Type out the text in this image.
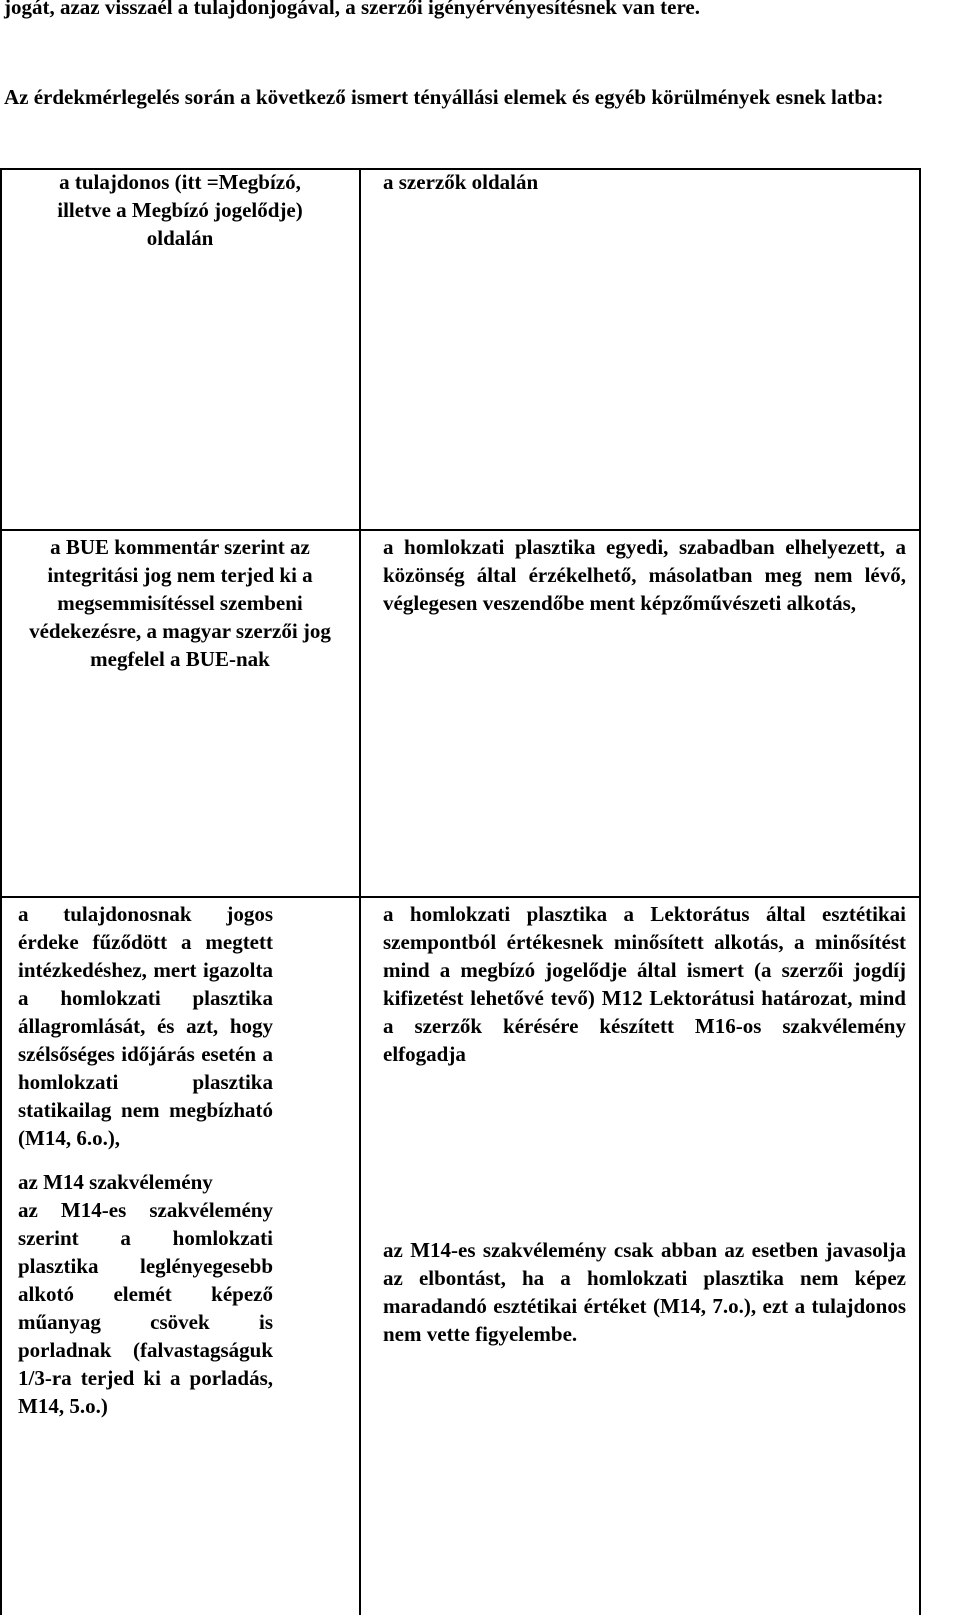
jogát, azaz visszaél a tulajdonjogával, a szerzői igényérvényesítésnek van tere.

Az érdekmérlegelés során a következő ismert tényállási elemek és egyéb körülmények esnek latba:

a tulajdonos (itt =Megbízó, illetve a Megbízó jogelődje) oldalán

a szerzők oldalán

a BUE kommentár szerint az integritási jog nem terjed ki a megsemmisítéssel szembeni védekezésre, a magyar szerzői jog megfelel a BUE-nak

a homlokzati plasztika egyedi, szabadban elhelyezett, a közönség által érzékelhető, másolatban meg nem lévő, véglegesen veszendőbe ment képzőművészeti alkotás,

a tulajdonosnak jogos érdeke fűződött a megtett intézkedéshez, mert igazolta a homlokzati plasztika állagromlását, és azt, hogy szélsőséges időjárás esetén a homlokzati plasztika statikailag nem megbízható (M14, 6.o.),

az M14 szakvélemény

az M14-es szakvélemény szerint a homlokzati plasztika leglényegesebb alkotó elemét képező műanyag csövek is porladnak (falvastagságuk 1/3-ra terjed ki a porladás, M14, 5.o.)

a homlokzati plasztika a Lektorátus által esztétikai szempontból értékesnek minősített alkotás, a minősítést mind a megbízó jogelődje által ismert (a szerzői jogdíj kifizetést lehetővé tevő) M12 Lektorátusi határozat, mind a szerzők kérésére készített M16-os szakvélemény elfogadja

az M14-es szakvélemény csak abban az esetben javasolja az elbontást, ha a homlokzati plasztika nem képez maradandó esztétikai értéket (M14, 7.o.), ezt a tulajdonos nem vette figyelembe.
